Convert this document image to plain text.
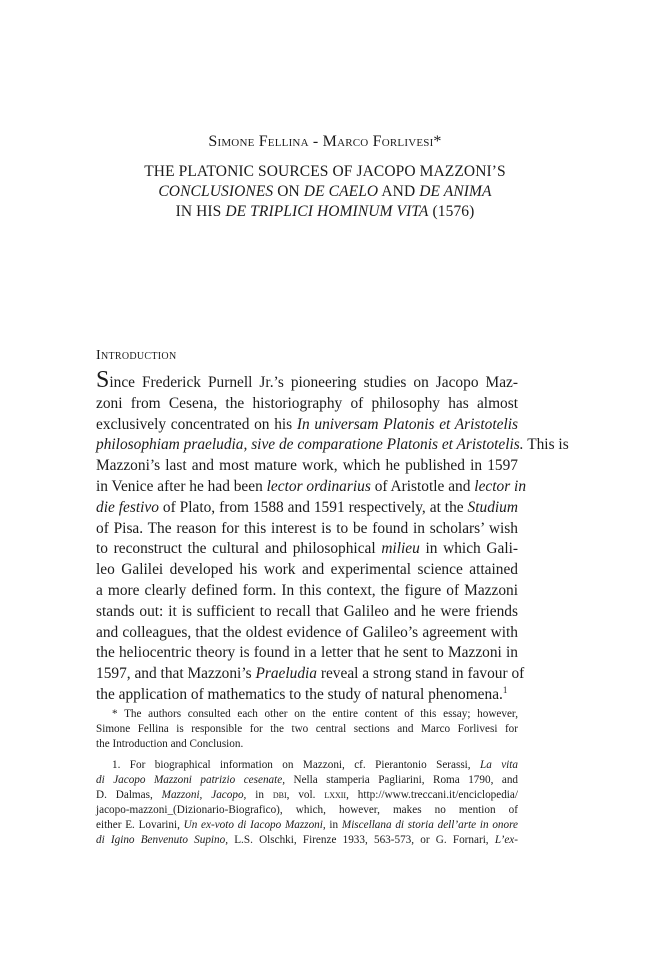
Simone Fellina - Marco Forlivesi*
THE PLATONIC SOURCES OF JACOPO MAZZONI’S
CONCLUSIONES ON DE CAELO AND DE ANIMA
IN HIS DE TRIPLICI HOMINUM VITA (1576)
Introduction
Since Frederick Purnell Jr.’s pioneering studies on Jacopo Maz-
zoni from Cesena, the historiography of philosophy has almost
exclusively concentrated on his In universam Platonis et Aristotelis
philosophiam praeludia, sive de comparatione Platonis et Aristotelis. This is
Mazzoni’s last and most mature work, which he published in 1597
in Venice after he had been lector ordinarius of Aristotle and lector in
die festivo of Plato, from 1588 and 1591 respectively, at the Studium
of Pisa. The reason for this interest is to be found in scholars’ wish
to reconstruct the cultural and philosophical milieu in which Gali-
leo Galilei developed his work and experimental science attained
a more clearly defined form. In this context, the figure of Mazzoni
stands out: it is sufficient to recall that Galileo and he were friends
and colleagues, that the oldest evidence of Galileo’s agreement with
the heliocentric theory is found in a letter that he sent to Mazzoni in
1597, and that Mazzoni’s Praeludia reveal a strong stand in favour of
the application of mathematics to the study of natural phenomena.$^1$
* The authors consulted each other on the entire content of this essay; however,
Simone Fellina is responsible for the two central sections and Marco Forlivesi for
the Introduction and Conclusion.
1. For biographical information on Mazzoni, cf. Pierantonio Serassi, La vita
di Jacopo Mazzoni patrizio cesenate, Nella stamperia Pagliarini, Roma 1790, and
D. Dalmas, Mazzoni, Jacopo, in dbi, vol. lxxii, http://www.treccani.it/enciclopedia/
jacopo-mazzoni_(Dizionario-Biografico), which, however, makes no mention of
either E. Lovarini, Un ex-voto di Iacopo Mazzoni, in Miscellana di storia dell’arte in onore
di Igino Benvenuto Supino, L.S. Olschki, Firenze 1933, 563-573, or G. Fornari, L’ex-
